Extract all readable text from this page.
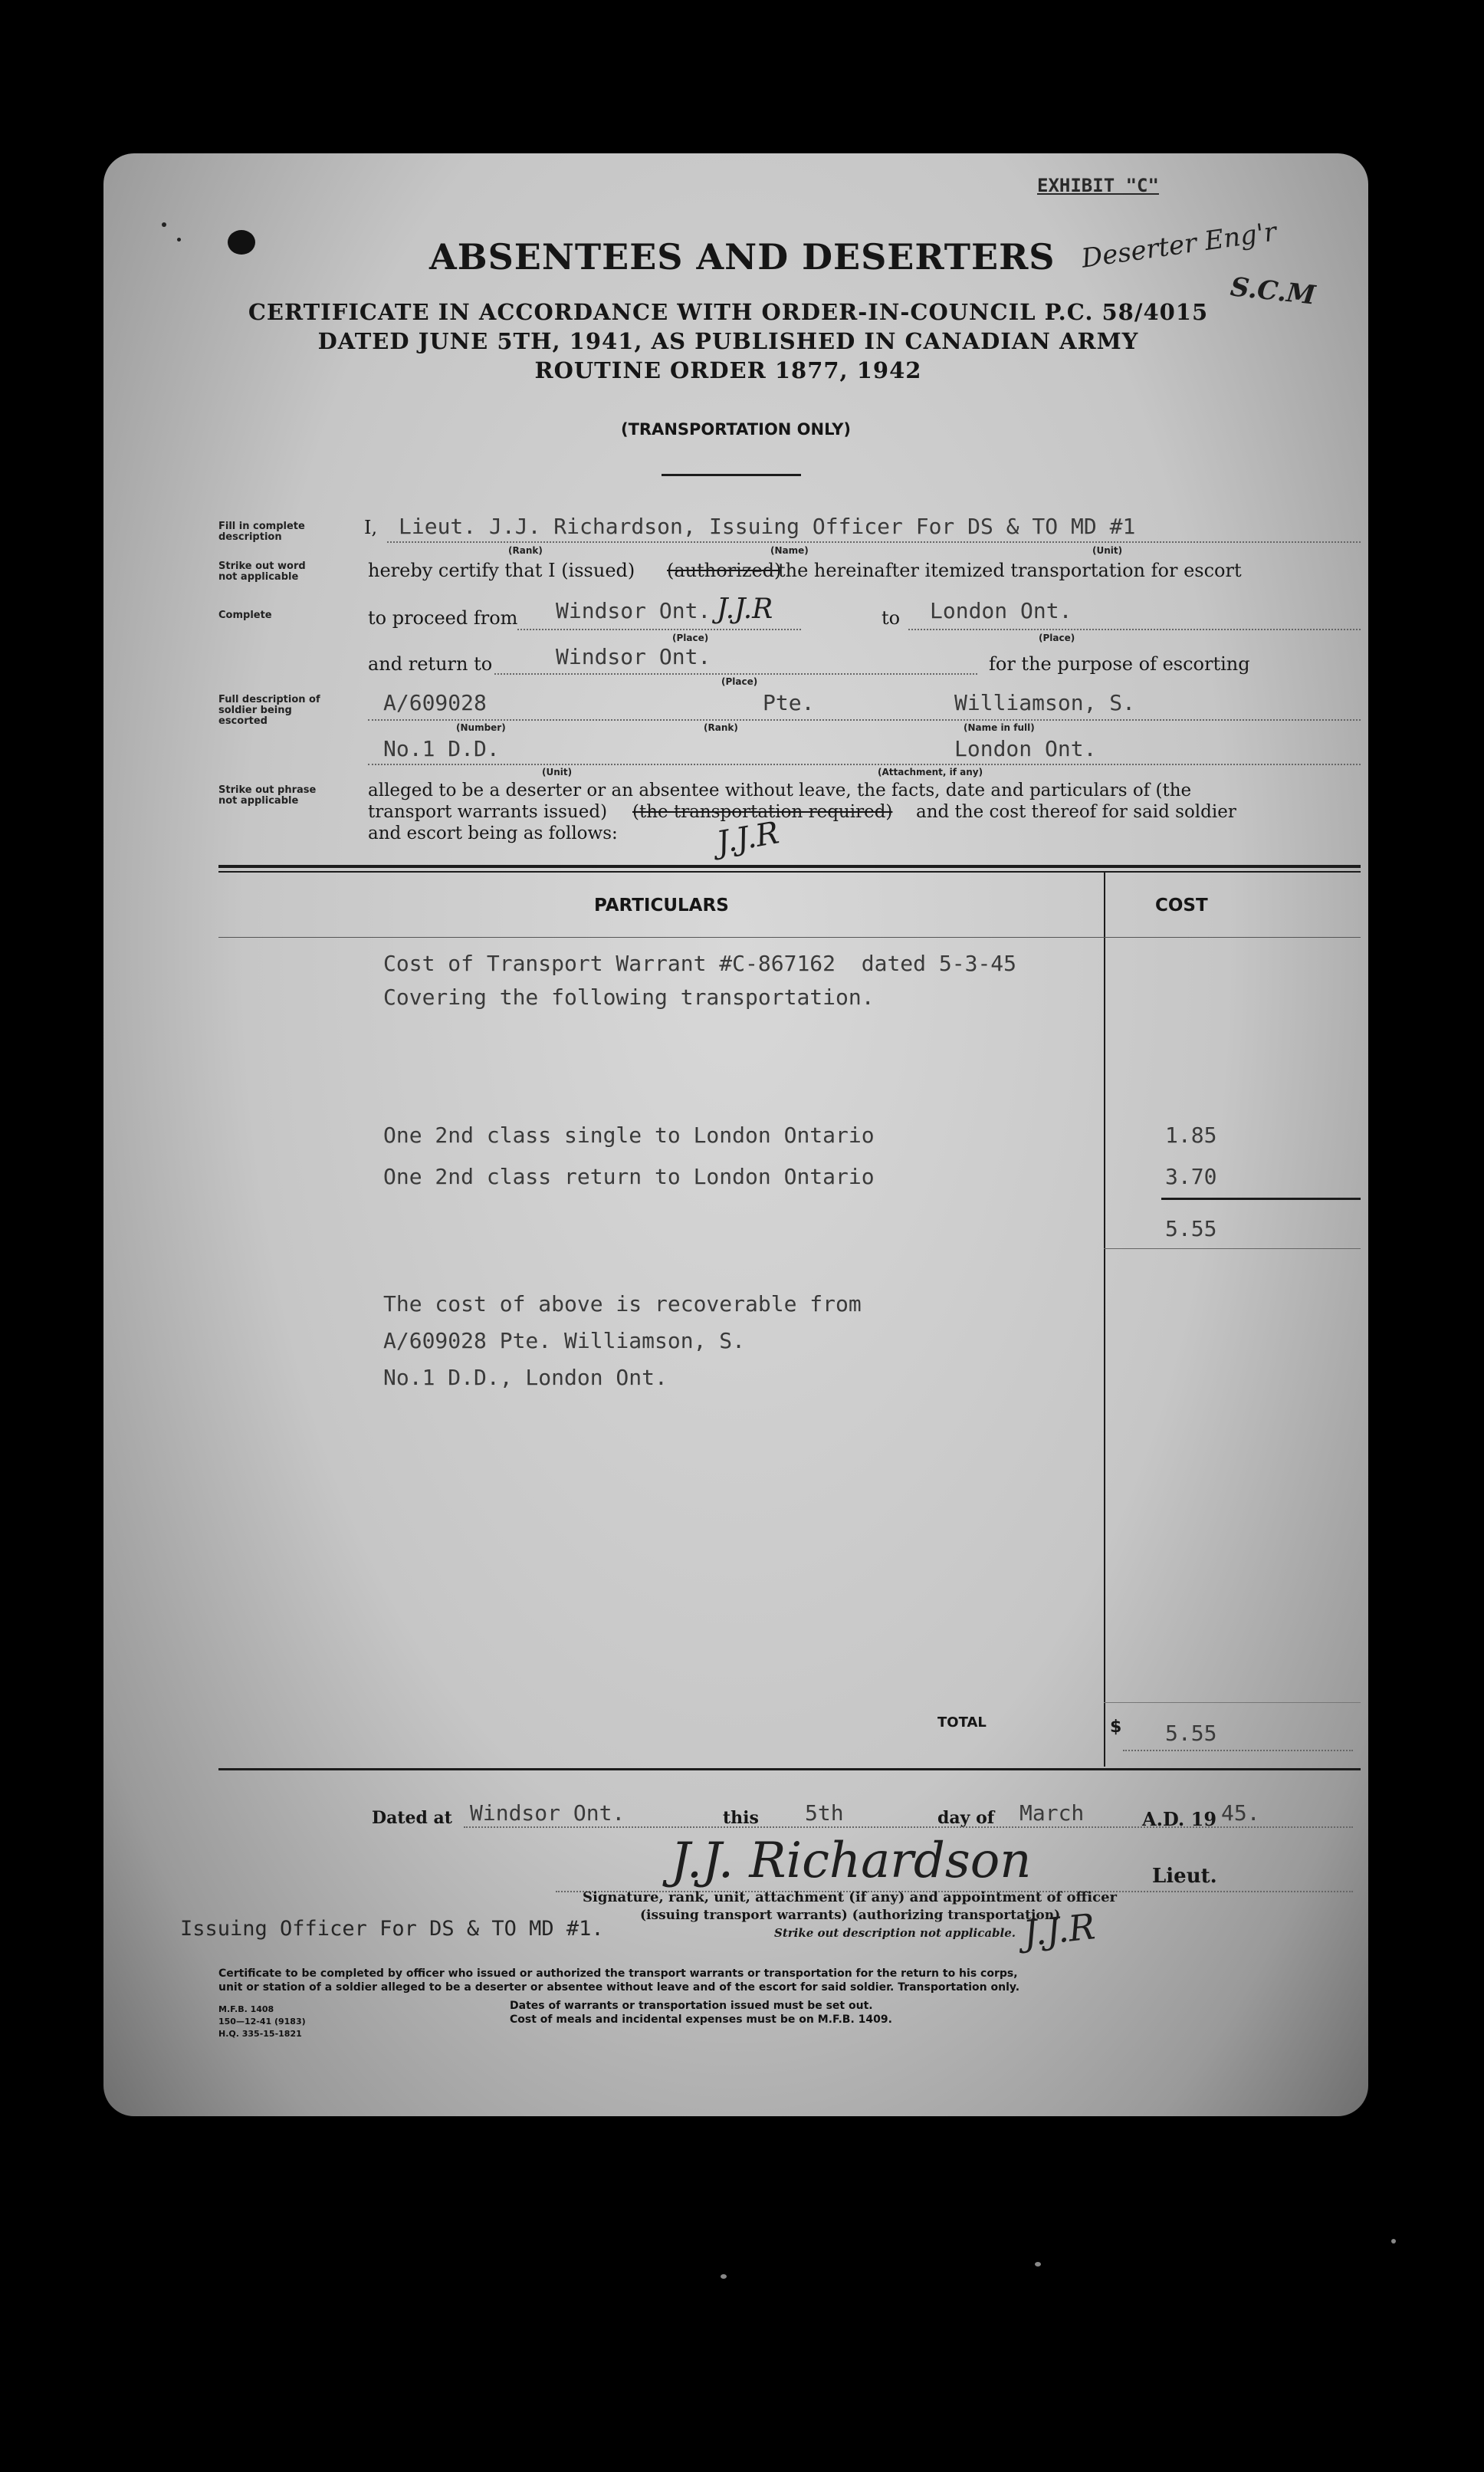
EXHIBIT "C"
ABSENTEES AND DESERTERS Deserter Eng'r
S.C.M
CERTIFICATE IN ACCORDANCE WITH ORDER-IN-COUNCIL P.C. 58/4015
DATED JUNE 5TH, 1941, AS PUBLISHED IN CANADIAN ARMY
ROUTINE ORDER 1877, 1942
(TRANSPORTATION ONLY)
Fill in complete description
Strike out word not applicable
Complete
Full description of soldier being escorted
Strike out phrase not applicable
I, Lieut. J.J. Richardson, Issuing Officer For DS & TO MD #1
(Rank)	(Name)	(Unit)
hereby certify that I (issued) (authorized)
the hereinafter itemized transportation for escort
to proceed from Windsor Ont. J.J.R	to London Ont.
(Place)	(Place)
and return to	Windsor Ont.	for the purpose of escorting
(Place)
A/609028	Pte.	Williamson, S.
(Number)	(Rank)	(Name in full)
No.1 D.D.	London Ont.
(Unit)	(Attachment, if any)
alleged to be a deserter or an absentee without leave, the facts, date and particulars of (the
transport warrants issued) (the transportation required) and the cost thereof for said soldier
and escort being as follows:	J.J.R
PARTICULARS	COST
Cost of Transport Warrant #C-867162  dated 5-3-45
Covering the following transportation.
One 2nd class single to London Ontario	1.85
One 2nd class return to London Ontario	3.70
5.55
The cost of above is recoverable from
A/609028 Pte. Williamson, S.
No.1 D.D., London Ont.
TOTAL	$ 5.55
Dated at Windsor Ont.	this 5th	day of March	A.D. 19 45.
J.J. Richardson	Lieut.
Signature, rank, unit, attachment (if any) and appointment of officer
(issuing transport warrants) (authorizing transportation)
Issuing Officer For DS & TO MD #1.	Strike out description not applicable. J.J.R
Certificate to be completed by officer who issued or authorized the transport warrants or transportation for the return to his corps,
unit or station of a soldier alleged to be a deserter or absentee without leave and of the escort for said soldier. Transportation only.
Dates of warrants or transportation issued must be set out.
Cost of meals and incidental expenses must be on M.F.B. 1409.
M.F.B. 1408
150—12-41 (9183)
H.Q. 335-15-1821
